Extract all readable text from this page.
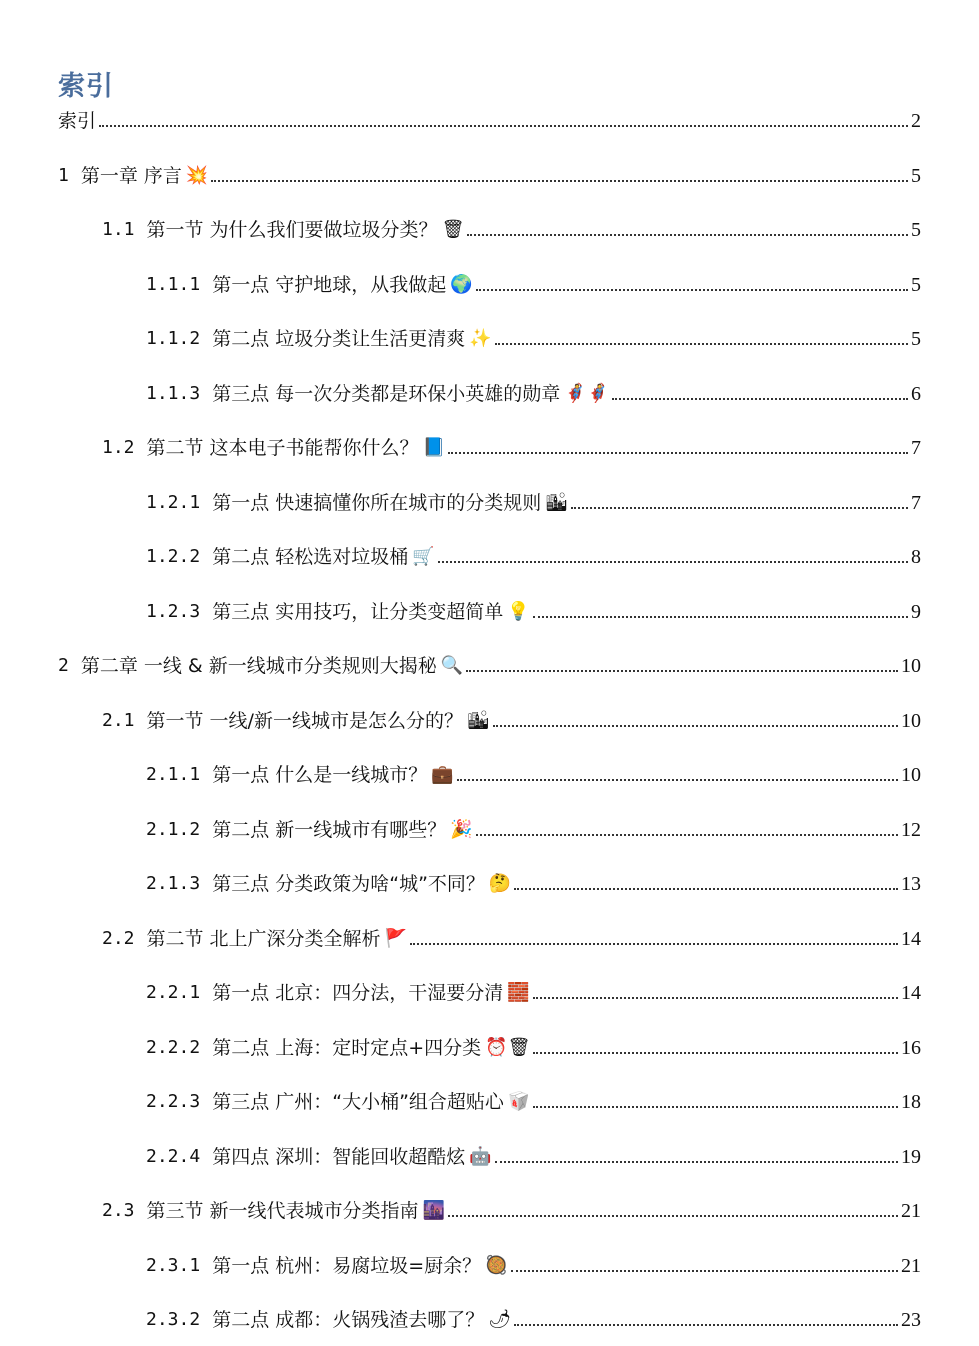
索引
索引	2
1 第一章 序言 💥	5
1.1 第一节 为什么我们要做垃圾分类？ 🗑	5
1.1.1 第一点 守护地球，从我做起 🌍	5
1.1.2 第二点 垃圾分类让生活更清爽 ✨	5
1.1.3 第三点 每一次分类都是环保小英雄的勋章 🦸🦸	6
1.2 第二节 这本电子书能帮你什么？ 📘	7
1.2.1 第一点 快速搞懂你所在城市的分类规则 🏙	7
1.2.2 第二点 轻松选对垃圾桶 🛒	8
1.2.3 第三点 实用技巧，让分类变超简单 💡	9
2 第二章 一线 & 新一线城市分类规则大揭秘 🔍	10
2.1 第一节 一线/新一线城市是怎么分的？ 🏙	10
2.1.1 第一点 什么是一线城市？ 💼	10
2.1.2 第二点 新一线城市有哪些？ 🎉	12
2.1.3 第三点 分类政策为啥“城”不同？ 🤔	13
2.2 第二节 北上广深分类全解析 🚩	14
2.2.1 第一点 北京：四分法，干湿要分清 🧱	14
2.2.2 第二点 上海：定时定点+四分类 ⏰🗑	16
2.2.3 第三点 广州：“大小桶”组合超贴心 🥡	18
2.2.4 第四点 深圳：智能回收超酷炫 🤖	19
2.3 第三节 新一线代表城市分类指南 🌆	21
2.3.1 第一点 杭州：易腐垃圾=厨余？ 🥘	21
2.3.2 第二点 成都：火锅残渣去哪了？ 🌶	23
